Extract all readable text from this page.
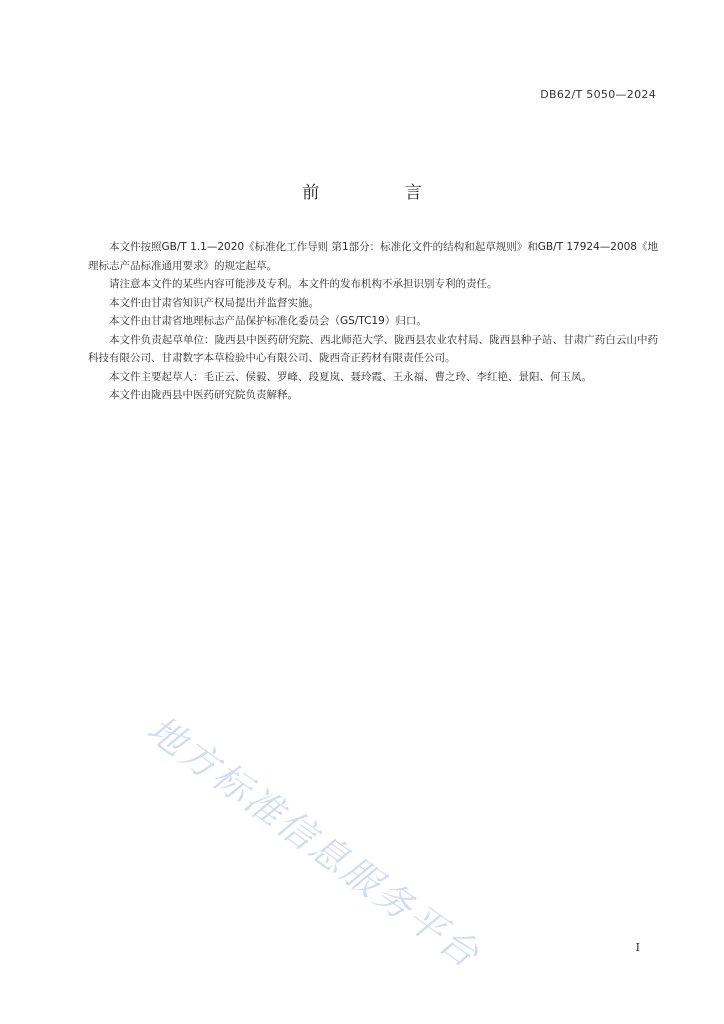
DB62/T 5050—2024
前 言

本文件按照GB/T 1.1—2020《标准化工作导则 第1部分：标准化文件的结构和起草规则》和GB/T 17924—2008《地理标志产品标准通用要求》的规定起草。

请注意本文件的某些内容可能涉及专利。本文件的发布机构不承担识别专利的责任。

本文件由甘肃省知识产权局提出并监督实施。

本文件由甘肃省地理标志产品保护标准化委员会（GS/TC19）归口。

本文件负责起草单位：陇西县中医药研究院、西北师范大学、陇西县农业农村局、陇西县种子站、甘肃广药白云山中药科技有限公司、甘肃数字本草检验中心有限公司、陇西奇正药材有限责任公司。

本文件主要起草人：毛正云、侯毅、罗峰、段夏岚、聂玲霞、王永福、曹之玲、李红艳、景阳、何玉凤。

本文件由陇西县中医药研究院负责解释。

地方标准信息服务平台	I
